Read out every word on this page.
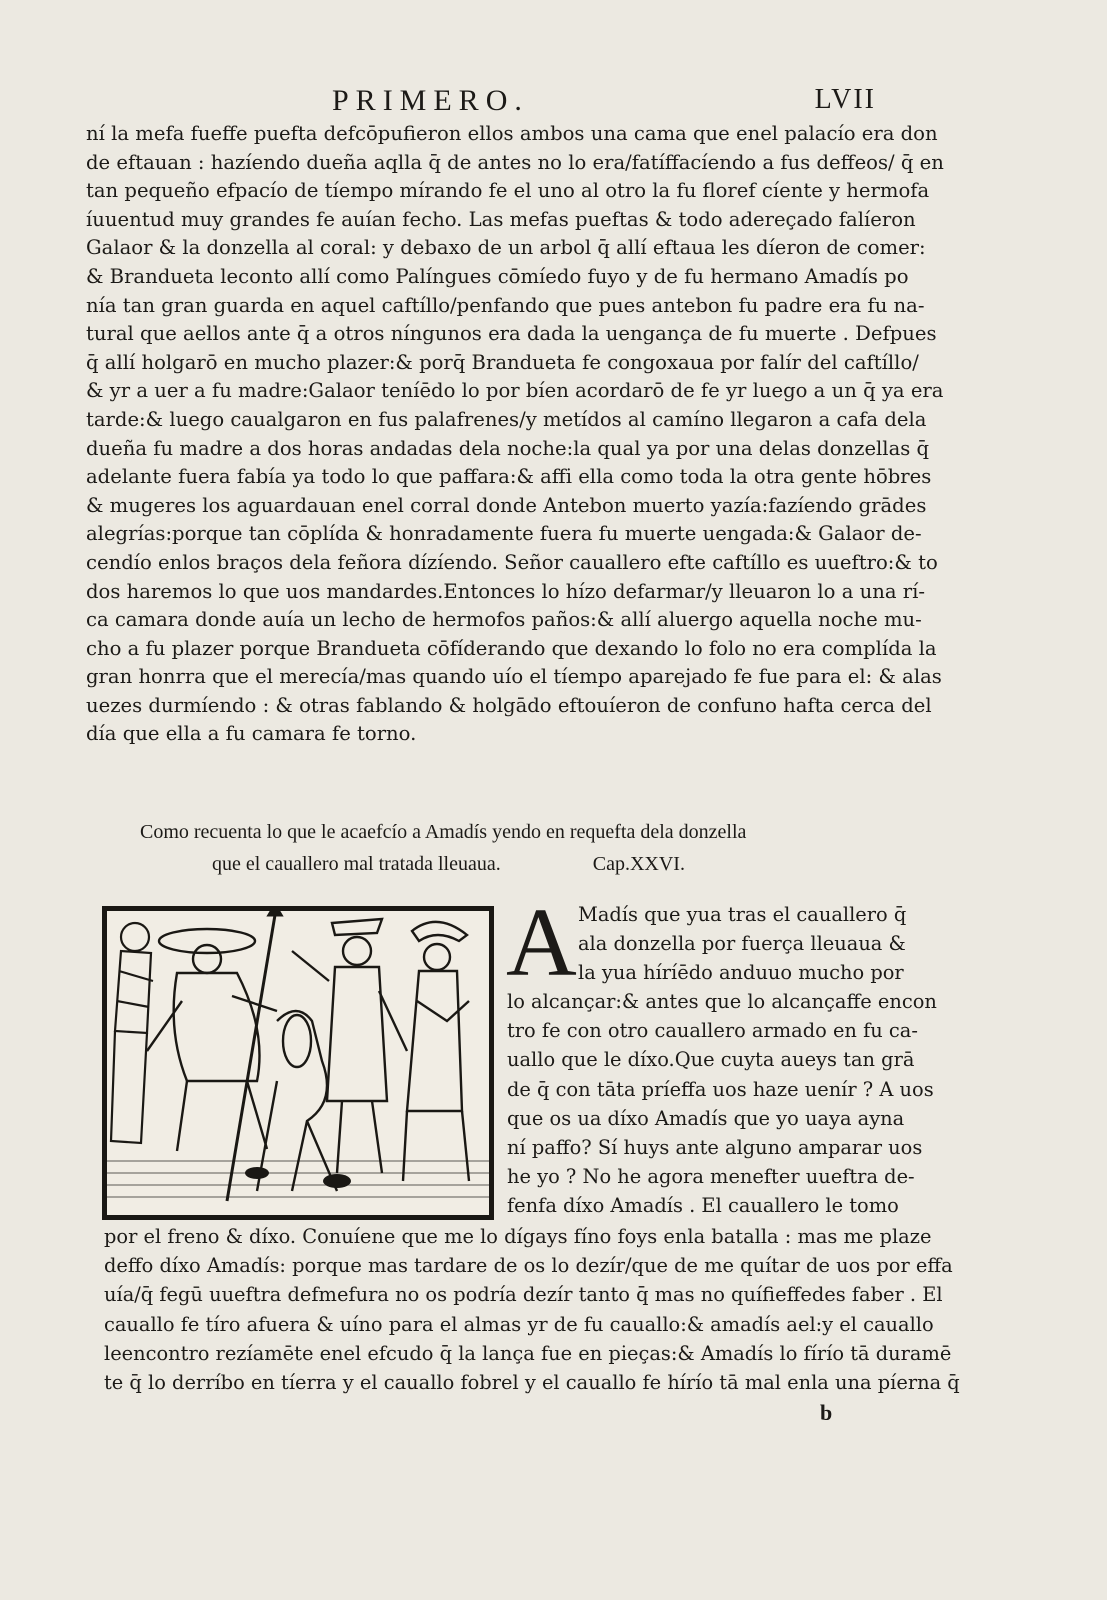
PRIMERO.	LVII
ní la mefa fueffe puefta defcōpufieron ellos ambos una cama que enel palacío era don
de eftauan : hazíendo dueña aqlla q̄ de antes no lo era/fatíffacíendo a fus deffeos/ q̄ en
tan pequeño efpacío de tíempo mírando fe el uno al otro la fu floref cíente y hermofa
íuuentud muy grandes fe auían fecho. Las mefas pueftas & todo adereçado falíeron
Galaor & la donzella al coral: y debaxo de un arbol q̄ allí eftaua les díeron de comer:
& Brandueta leconto allí como Palíngues cōmíedo fuyo y de fu hermano Amadís po
nía tan gran guarda en aquel caftíllo/penfando que pues antebon fu padre era fu na-
tural que aellos ante q̄ a otros níngunos era dada la uengança de fu muerte . Defpues
q̄ allí holgarō en mucho plazer:& porq̄ Brandueta fe congoxaua por falír del caftíllo/
& yr a uer a fu madre:Galaor teníēdo lo por bíen acordarō de fe yr luego a un q̄ ya era
tarde:& luego caualgaron en fus palafrenes/y metídos al camíno llegaron a cafa dela
dueña fu madre a dos horas andadas dela noche:la qual ya por una delas donzellas q̄
adelante fuera fabía ya todo lo que paffara:& affi ella como toda la otra gente hōbres
& mugeres los aguardauan enel corral donde Antebon muerto yazía:fazíendo grādes
alegrías:porque tan cōplída & honradamente fuera fu muerte uengada:& Galaor de-
cendío enlos braços dela feñora dízíendo. Señor cauallero efte caftíllo es uueftro:& to
dos haremos lo que uos mandardes.Entonces lo hízo defarmar/y lleuaron lo a una rí-
ca camara donde auía un lecho de hermofos paños:& allí aluergo aquella noche mu-
cho a fu plazer porque Brandueta cōfíderando que dexando lo folo no era complída la
gran honrra que el merecía/mas quando uío el tíempo aparejado fe fue para el: & alas
uezes durmíendo : & otras fablando & holgādo eftouíeron de confuno hafta cerca del
día que ella a fu camara fe torno.
Como recuenta lo que le acaefcío a Amadís yendo en requefta dela donzella
que el cauallero mal tratada lleuaua.	Cap.XXVI.
A Madís que yua tras el cauallero q̄
ala donzella por fuerça lleuaua &
la yua híríēdo anduuo mucho por
lo alcançar:& antes que lo alcançaffe encon
tro fe con otro cauallero armado en fu ca-
uallo que le díxo.Que cuyta aueys tan grā
de q̄ con tāta príeffa uos haze uenír ? A uos
que os ua díxo Amadís que yo uaya ayna
ní paffo? Sí huys ante alguno amparar uos
he yo ? No he agora menefter uueftra de-
fenfa díxo Amadís . El cauallero le tomo
por el freno & díxo. Conuíene que me lo dígays fíno foys enla batalla : mas me plaze
deffo díxo Amadís: porque mas tardare de os lo dezír/que de me quítar de uos por effa
uía/q̄ fegū uueftra defmefura no os podría dezír tanto q̄ mas no quífieffedes faber . El
cauallo fe tíro afuera & uíno para el almas yr de fu cauallo:& amadís ael:y el cauallo
leencontro rezíamēte enel efcudo q̄ la lança fue en pieças:& Amadís lo fírío tā duramē
te q̄ lo derríbo en tíerra y el cauallo fobrel y el cauallo fe hírío tā mal enla una píerna q̄
b
